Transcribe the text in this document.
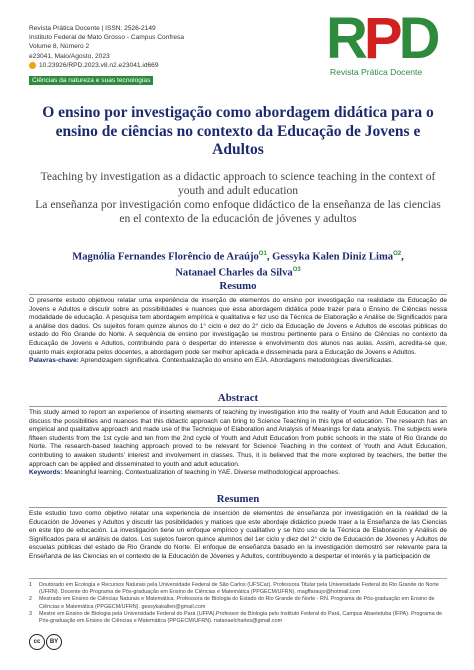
Revista Prática Docente | ISSN: 2526-2149
Instituto Federal de Mato Grosso - Campus Confresa
Volume 8, Número 2
e23041, Maio/Agosto, 2023
10.23926/RPD.2023.v8.n2.e23041.id669
Ciências da natureza e suas tecnologias
R P D
Revista Prática Docente
O ensino por investigação como abordagem didática para o ensino de ciências no contexto da Educação de Jovens e Adultos
Teaching by investigation as a didactic approach to science teaching in the context of youth and adult education
La enseñanza por investigación como enfoque didáctico de la enseñanza de las ciencias en el contexto de la educación de jóvenes y adultos
Magnólia Fernandes Florêncio de Araújo$^{O1}$, Gessyka Kalen Diniz Lima$^{O2}$,
Natanael Charles da Silva$^{O3}$
Resumo
O presente estudo objetivou relatar uma experiência de inserção de elementos do ensino por investigação na realidade da Educação de Jovens e Adultos e discutir sobre as possibilidades e nuances que essa abordagem didática pode trazer para o Ensino de Ciências nessa modalidade de educação. A pesquisa tem abordagem empírica e qualitativa e fez uso da Técnica de Elaboração e Análise de Significados para a análise dos dados. Os sujeitos foram quinze alunos do 1° ciclo e dez do 2° ciclo da Educação de Jovens e Adultos de escolas públicas do estado do Rio Grande do Norte. A sequência de ensino por investigação se mostrou pertinente para o Ensino de Ciências no contexto da Educação de Jovens e Adultos, contribuindo para o despertar do interesse e envolvimento dos alunos nas aulas. Assim, acredita-se que, quanto mais explorada pelos docentes, a abordagem pode ser melhor aplicada e disseminada para a Educação de Jovens e Adultos.
Palavras-chave: Aprendizagem significativa. Contextualização do ensino em EJA. Abordagens metodológicas diversificadas.
Abstract
This study aimed to report an experience of inserting elements of teaching by investigation into the reality of Youth and Adult Education and to discuss the possibilities and nuances that this didactic approach can bring to Science Teaching in this type of education. The research has an empirical and qualitative approach and made use of the Technique of Elaboration and Analysis of Meanings for data analysis. The subjects were fifteen students from the 1st cycle and ten from the 2nd cycle of Youth and Adult Education from public schools in the state of Rio Grande do Norte. The research-based teaching approach proved to be relevant for Science Teaching in the context of Youth and Adult Education, contributing to awaken students' interest and involvement in classes. Thus, it is believed that the more explored by teachers, the better the approach can be applied and disseminated to youth and adult education.
Keywords: Meaningful learning. Contextualization of teaching in YAE. Diverse methodological approaches.
Resumen
Este estudio tuvo como objetivo relatar una experiencia de inserción de elementos de enseñanza por investigación en la realidad de la Educación de Jóvenes y Adultos y discutir las posibilidades y matices que este abordaje didáctico puede traer a la Enseñanza de las Ciencias en este tipo de educación. La investigación tiene un enfoque empírico y cualitativo y se hizo uso de la Técnica de Elaboración y Análisis de Significados para el análisis de datos. Los sujetos fueron quince alumnos del 1er ciclo y diez del 2° ciclo de Educación de Jóvenes y Adultos de escuelas públicas del estado de Rio Grande do Norte. El enfoque de enseñanza basado en la investigación demostró ser relevante para la Enseñanza de las Ciencias en el contexto de la Educación de Jóvenes y Adultos, contribuyendo a despertar el interés y la participación de
1	Doutorado em Ecologia e Recursos Naturais pela Universidade Federal de São Carlos (UFSCar). Professora Titular pela Universidade Federal do Rio Grande do Norte (UFRN). Docente do Programa de Pós-graduação em Ensino de Ciências e Matemática (PPGECM/UFRN). magffaraujo@hotmail.com
2	Mestrado em Ensino de Ciências Naturais e Matemática. Professora de Biologia do Estado do Rio Grande do Norte - RN. Programa de Pós-graduação em Ensino de Ciências e Matemática (PPGECM/UFRN). gessykakallen@gmail.com
3	Mestre em Ensino de Biologia pela Universidade Federal do Pará (UFPA).Professor de Biologia pelo Instituto Federal do Pará, Campus Abaetetuba (IFPA). Programa de Pós-graduação em Ensino de Ciências e Matemática (PPGECM/UFRN). natanaelcharles@gmail.com
cc	BY
